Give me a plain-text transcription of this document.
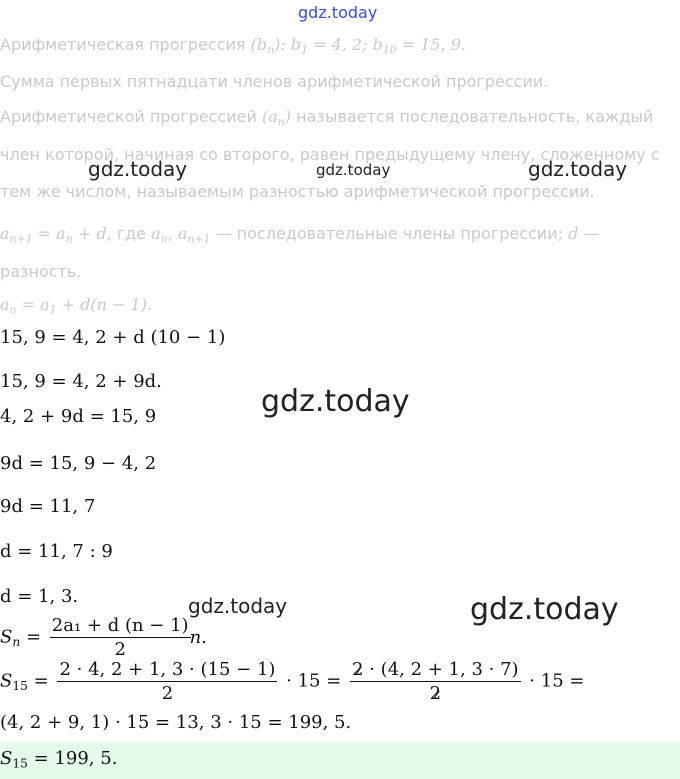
gdz.today
Арифметическая прогрессия $(b_n)$: $b_1 = 4$, 2; $b_{10} = 15$, 9.
Сумма первых пятнадцати членов арифметической прогрессии.
Арифметической прогрессией $(a_n)$ называется последовательность, каждый
член которой, начиная со второго, равен предыдущему члену, сложенному с
тем же числом, называемым разностью арифметической прогрессии.
$a_{n+1} = a_n + d$, где $a_n$, $a_{n+1}$ — последовательные члены прогрессии; d —
разность.
$a_n = a_1 + d(n - 1)$.
gdz.today	gdz.today	gdz.today
gdz.today
gdz.today	gdz.today
15, 9 = 4, 2 + d (10 − 1)
15, 9 = 4, 2 + 9d.
4, 2 + 9d = 15, 9
9d = 15, 9 − 4, 2
9d = 11, 7
d = 11, 7 : 9
d = 1, 3.
$S_n = \frac{\text{2a₁ + d (n − 1)}}{2} n$.
$S_{15} = \frac{2 \cdot 4, 2 + 1, 3 \cdot (15 - 1)}{2} \cdot 15 = \frac{2 \cdot (4, 2 + 1, 3 \cdot 7)}{2} \cdot 15$ =
(4, 2 + 9, 1) · 15 = 13, 3 · 15 = 199, 5.
$S_{15} = 199$, 5.
